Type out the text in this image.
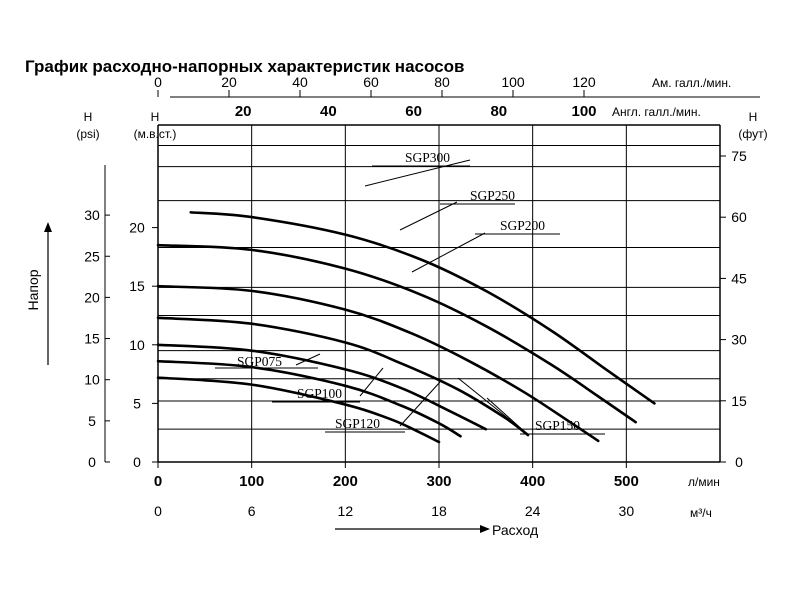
График расходно-напорных характеристик насосов
0	100	200	300	400	500
0	6	12	18	24	30
0	20	40	60	80	100	120
20	40	60	80	100
0
5
10
15
20
0
5
10
15
20
25
30
0
15
30
45
60
75
SGP300
SGP250
SGP200
SGP150
SGP120
SGP100
SGP075
Ам. галл./мин.
Англ. галл./мин.
л/мин
м³/ч
Н
(psi)
Н
(м.в.ст.)
Н
(фут)
Расход
Напор
